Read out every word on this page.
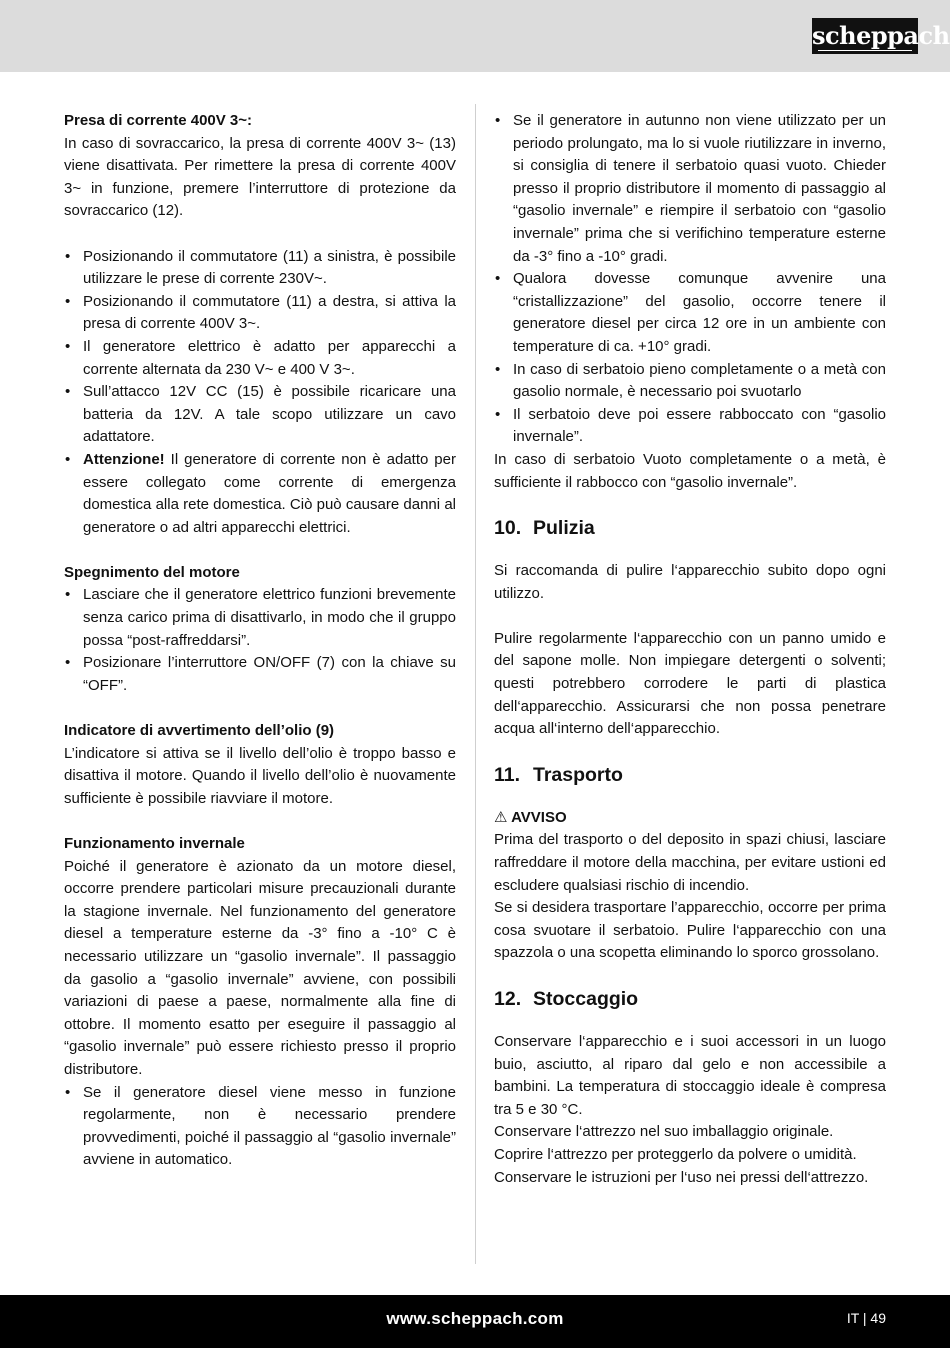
scheppach

Presa di corrente 400V 3~:

In caso di sovraccarico, la presa di corrente 400V 3~ (13) viene disattivata. Per rimettere la presa di corrente 400V 3~ in funzione, premere l’interruttore di protezione da sovraccarico (12).

• Posizionando il commutatore (11) a sinistra, è possibile utilizzare le prese di corrente 230V~.
• Posizionando il commutatore (11) a destra, si attiva la presa di corrente 400V 3~.
• Il generatore elettrico è adatto per apparecchi a corrente alternata da 230 V~ e 400 V 3~.
• Sull’attacco 12V CC (15) è possibile ricaricare una batteria da 12V. A tale scopo utilizzare un cavo adattatore.
• Attenzione! Il generatore di corrente non è adatto per essere collegato come corrente di emergenza domestica alla rete domestica. Ciò può causare danni al generatore o ad altri apparecchi elettrici.

Spegnimento del motore

• Lasciare che il generatore elettrico funzioni brevemente senza carico prima di disattivarlo, in modo che il gruppo possa “post-raffreddarsi”.
• Posizionare l’interruttore ON/OFF (7) con la chiave su “OFF”.

Indicatore di avvertimento dell’olio (9)

L’indicatore si attiva se il livello dell’olio è troppo basso e disattiva il motore. Quando il livello dell’olio è nuovamente sufficiente è possibile riavviare il motore.

Funzionamento invernale

Poiché il generatore è azionato da un motore diesel, occorre prendere particolari misure precauzionali durante la stagione invernale. Nel funzionamento del generatore diesel a temperature esterne da -3° fino a -10° C è necessario utilizzare un “gasolio invernale”. Il passaggio da gasolio a “gasolio invernale” avviene, con possibili variazioni di paese a paese, normalmente alla fine di ottobre. Il momento esatto per eseguire il passaggio al “gasolio invernale” può essere richiesto presso il proprio distributore.

• Se il generatore diesel viene messo in funzione regolarmente, non è necessario prendere provvedimenti, poiché il passaggio al “gasolio invernale” avviene in automatico.
• Se il generatore in autunno non viene utilizzato per un periodo prolungato, ma lo si vuole riutilizzare in inverno, si consiglia di tenere il serbatoio quasi vuoto. Chieder presso il proprio distributore il momento di passaggio al “gasolio invernale” e riempire il serbatoio con “gasolio invernale” prima che si verifichino temperature esterne da -3° fino a -10° gradi.
• Qualora dovesse comunque avvenire una “cristallizzazione” del gasolio, occorre tenere il generatore diesel per circa 12 ore in un ambiente con temperature di ca. +10° gradi.
• In caso di serbatoio pieno completamente o a metà con gasolio normale, è necessario poi svuotarlo
• Il serbatoio deve poi essere rabboccato con “gasolio invernale”.

In caso di serbatoio Vuoto completamente o a metà, è sufficiente il rabbocco con “gasolio invernale”.

10. Pulizia

Si raccomanda di pulire l‘apparecchio subito dopo ogni utilizzo.

Pulire regolarmente l‘apparecchio con un panno umido e del sapone molle. Non impiegare detergenti o solventi; questi potrebbero corrodere le parti di plastica dell‘apparecchio. Assicurarsi che non possa penetrare acqua all‘interno dell‘apparecchio.

11. Trasporto

⚠ AVVISO

Prima del trasporto o del deposito in spazi chiusi, lasciare raffreddare il motore della macchina, per evitare ustioni ed escludere qualsiasi rischio di incendio.

Se si desidera trasportare l’apparecchio, occorre per prima cosa svuotare il serbatoio. Pulire l‘apparecchio con una spazzola o una scopetta eliminando lo sporco grossolano.

12. Stoccaggio

Conservare l‘apparecchio e i suoi accessori in un luogo buio, asciutto, al riparo dal gelo e non accessibile a bambini. La temperatura di stoccaggio ideale è compresa tra 5 e 30 °C.

Conservare l‘attrezzo nel suo imballaggio originale.

Coprire l‘attrezzo per proteggerlo da polvere o umidità.

Conservare le istruzioni per l‘uso nei pressi dell‘attrezzo.

www.scheppach.com	IT | 49
